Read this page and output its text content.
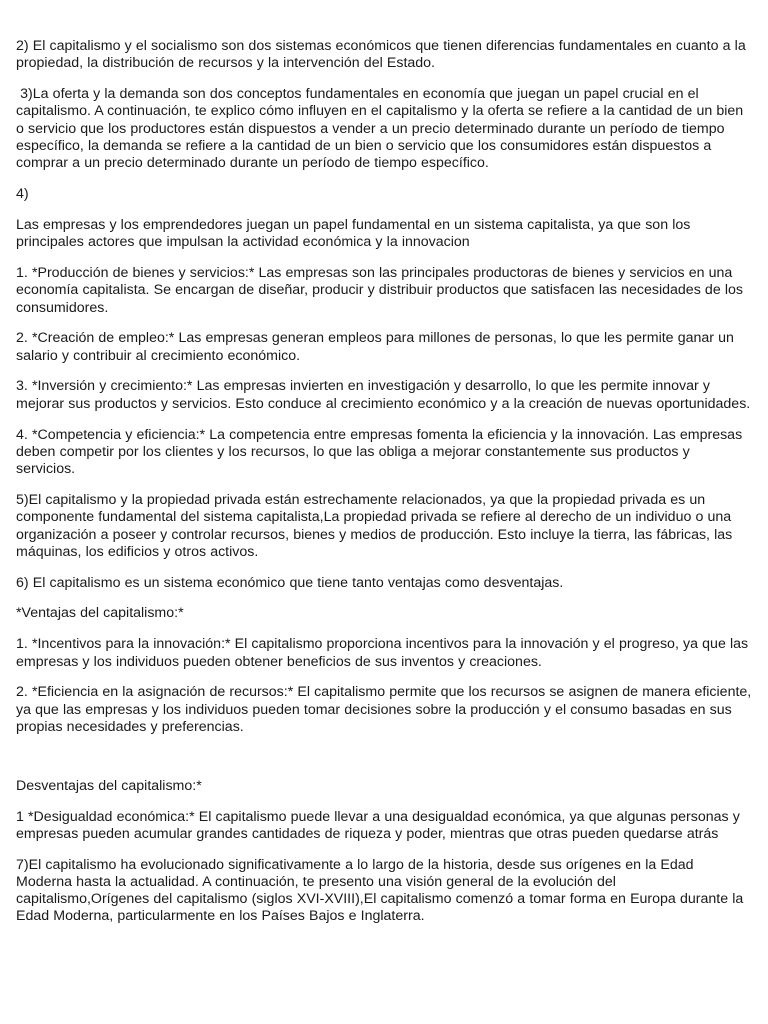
2) El capitalismo y el socialismo son dos sistemas económicos que tienen diferencias fundamentales en cuanto a la propiedad, la distribución de recursos y la intervención del Estado.

3)La oferta y la demanda son dos conceptos fundamentales en economía que juegan un papel crucial en el capitalismo. A continuación, te explico cómo influyen en el capitalismo y la oferta se refiere a la cantidad de un bien o servicio que los productores están dispuestos a vender a un precio determinado durante un período de tiempo específico, la demanda se refiere a la cantidad de un bien o servicio que los consumidores están dispuestos a comprar a un precio determinado durante un período de tiempo específico.

4)

Las empresas y los emprendedores juegan un papel fundamental en un sistema capitalista, ya que son los principales actores que impulsan la actividad económica y la innovacion

1. *Producción de bienes y servicios:* Las empresas son las principales productoras de bienes y servicios en una economía capitalista. Se encargan de diseñar, producir y distribuir productos que satisfacen las necesidades de los consumidores.

2. *Creación de empleo:* Las empresas generan empleos para millones de personas, lo que les permite ganar un salario y contribuir al crecimiento económico.

3. *Inversión y crecimiento:* Las empresas invierten en investigación y desarrollo, lo que les permite innovar y mejorar sus productos y servicios. Esto conduce al crecimiento económico y a la creación de nuevas oportunidades.

4. *Competencia y eficiencia:* La competencia entre empresas fomenta la eficiencia y la innovación. Las empresas deben competir por los clientes y los recursos, lo que las obliga a mejorar constantemente sus productos y servicios.

5)El capitalismo y la propiedad privada están estrechamente relacionados, ya que la propiedad privada es un componente fundamental del sistema capitalista,La propiedad privada se refiere al derecho de un individuo o una organización a poseer y controlar recursos, bienes y medios de producción. Esto incluye la tierra, las fábricas, las máquinas, los edificios y otros activos.

6) El capitalismo es un sistema económico que tiene tanto ventajas como desventajas.

*Ventajas del capitalismo:*

1. *Incentivos para la innovación:* El capitalismo proporciona incentivos para la innovación y el progreso, ya que las empresas y los individuos pueden obtener beneficios de sus inventos y creaciones.

2. *Eficiencia en la asignación de recursos:* El capitalismo permite que los recursos se asignen de manera eficiente, ya que las empresas y los individuos pueden tomar decisiones sobre la producción y el consumo basadas en sus propias necesidades y preferencias.

Desventajas del capitalismo:*

1 *Desigualdad económica:* El capitalismo puede llevar a una desigualdad económica, ya que algunas personas y empresas pueden acumular grandes cantidades de riqueza y poder, mientras que otras pueden quedarse atrás

7)El capitalismo ha evolucionado significativamente a lo largo de la historia, desde sus orígenes en la Edad Moderna hasta la actualidad. A continuación, te presento una visión general de la evolución del capitalismo,Orígenes del capitalismo (siglos XVI-XVIII),El capitalismo comenzó a tomar forma en Europa durante la Edad Moderna, particularmente en los Países Bajos e Inglaterra.
